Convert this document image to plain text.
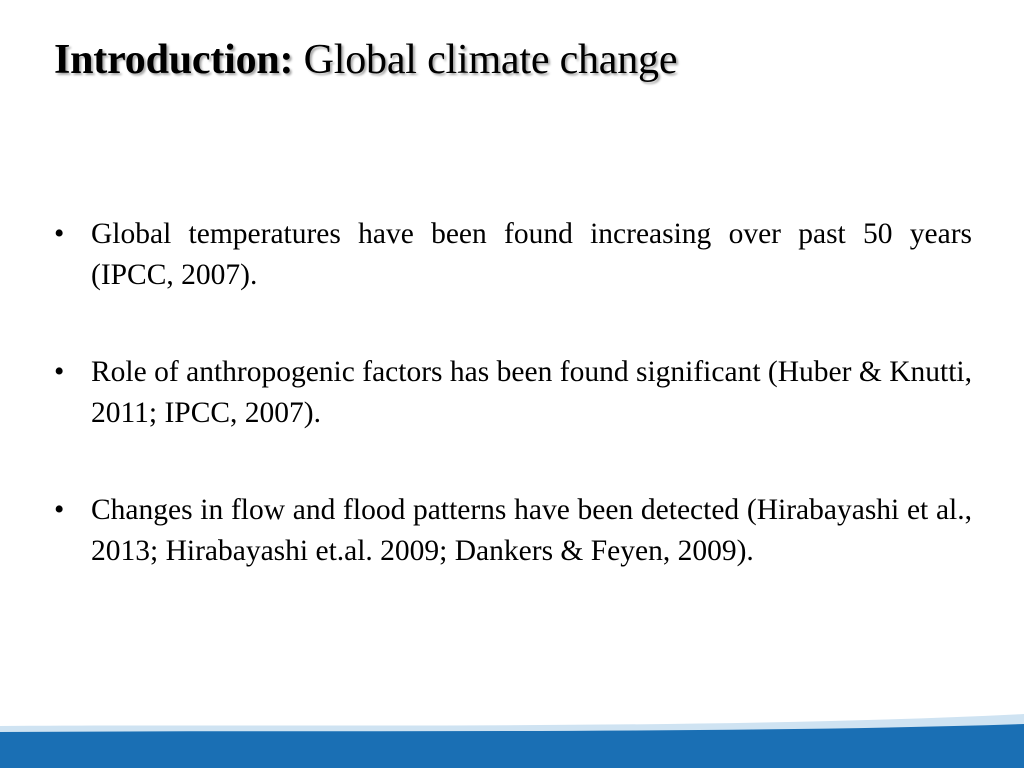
Introduction: Global climate change
• Global temperatures have been found increasing over past 50 years (IPCC, 2007).
• Role of anthropogenic factors has been found significant (Huber & Knutti, 2011; IPCC, 2007).
• Changes in flow and flood patterns have been detected (Hirabayashi et al., 2013; Hirabayashi et.al. 2009; Dankers & Feyen, 2009).
